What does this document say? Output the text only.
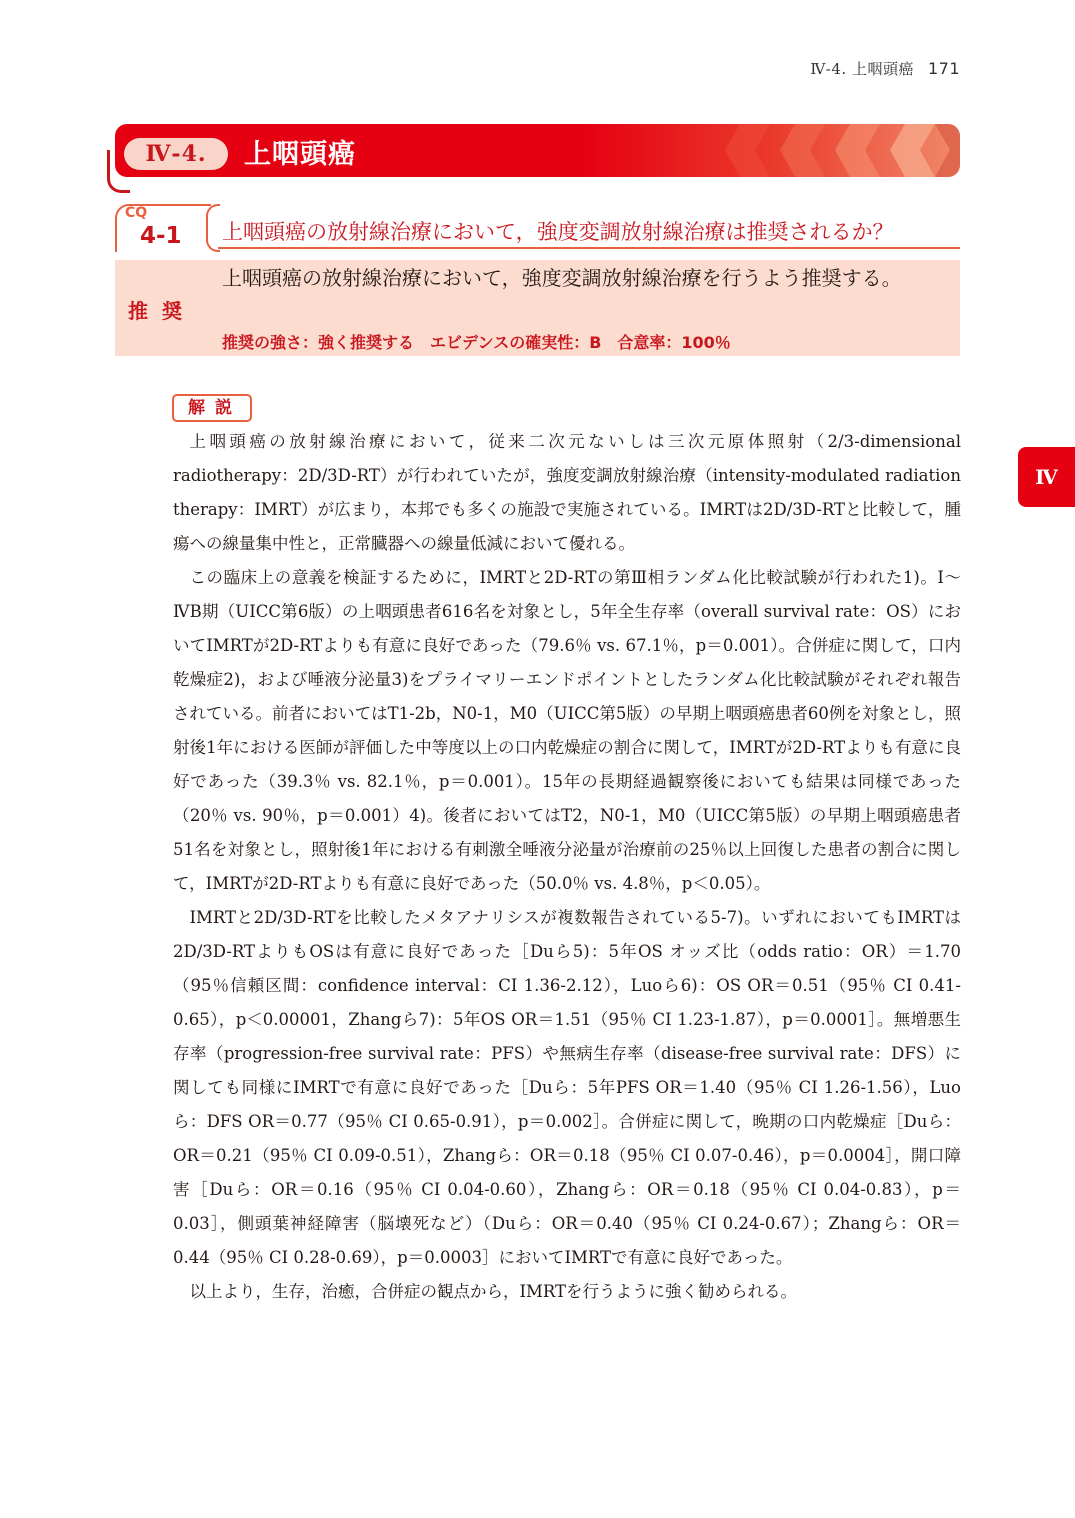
Ⅳ-4. 上咽頭癌 171
Ⅳ-4.	上咽頭癌
CQ
4-1 上咽頭癌の放射線治療において，強度変調放射線治療は推奨されるか？
推奨
上咽頭癌の放射線治療において，強度変調放射線治療を行うよう推奨する。
推奨の強さ：強く推奨する　エビデンスの確実性：B　合意率：100％
解説

上咽頭癌の放射線治療において，従来二次元ないしは三次元原体照射（2/3-dimensional radiotherapy：2D/3D-RT）が行われていたが，強度変調放射線治療（intensity-modulated radiation therapy：IMRT）が広まり，本邦でも多くの施設で実施されている。IMRTは2D/3D-RTと比較して，腫瘍への線量集中性と，正常臓器への線量低減において優れる。

この臨床上の意義を検証するために，IMRTと2D-RTの第Ⅲ相ランダム化比較試験が行われた1)。Ⅰ～ⅣB期（UICC第6版）の上咽頭患者616名を対象とし，5年全生存率（overall survival rate：OS）においてIMRTが2D-RTよりも有意に良好であった（79.6％ vs. 67.1％，p＝0.001）。合併症に関して，口内乾燥症2)，および唾液分泌量3)をプライマリーエンドポイントとしたランダム化比較試験がそれぞれ報告されている。前者においてはT1-2b，N0-1，M0（UICC第5版）の早期上咽頭癌患者60例を対象とし，照射後1年における医師が評価した中等度以上の口内乾燥症の割合に関して，IMRTが2D-RTよりも有意に良好であった（39.3％ vs. 82.1％，p＝0.001）。15年の長期経過観察後においても結果は同様であった（20％ vs. 90％，p＝0.001）4)。後者においてはT2，N0-1，M0（UICC第5版）の早期上咽頭癌患者51名を対象とし，照射後1年における有刺激全唾液分泌量が治療前の25％以上回復した患者の割合に関して，IMRTが2D-RTよりも有意に良好であった（50.0％ vs. 4.8％，p＜0.05）。

IMRTと2D/3D-RTを比較したメタアナリシスが複数報告されている5-7)。いずれにおいてもIMRTは2D/3D-RTよりもOSは有意に良好であった［Duら5)：5年OS オッズ比（odds ratio：OR）＝1.70（95％信頼区間：confidence interval：CI 1.36-2.12），Luoら6)：OS OR＝0.51（95％ CI 0.41-0.65），p＜0.00001，Zhangら7)：5年OS OR＝1.51（95％ CI 1.23-1.87），p＝0.0001］。無増悪生存率（progression-free survival rate：PFS）や無病生存率（disease-free survival rate：DFS）に関しても同様にIMRTで有意に良好であった［Duら：5年PFS OR＝1.40（95％ CI 1.26-1.56），Luoら：DFS OR＝0.77（95％ CI 0.65-0.91），p＝0.002］。合併症に関して，晩期の口内乾燥症［Duら：OR＝0.21（95％ CI 0.09-0.51），Zhangら：OR＝0.18（95％ CI 0.07-0.46），p＝0.0004］，開口障害［Duら：OR＝0.16（95％ CI 0.04-0.60），Zhangら：OR＝0.18（95％ CI 0.04-0.83），p＝0.03］，側頭葉神経障害（脳壊死など）（Duら：OR＝0.40（95％ CI 0.24-0.67）；Zhangら：OR＝0.44（95％ CI 0.28-0.69），p＝0.0003］においてIMRTで有意に良好であった。

以上より，生存，治癒，合併症の観点から，IMRTを行うように強く勧められる。

Ⅳ
